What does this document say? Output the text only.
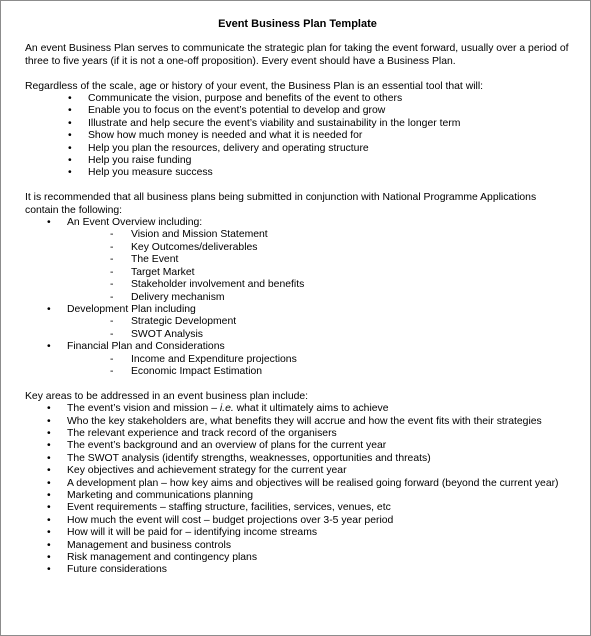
Event Business Plan Template

An event Business Plan serves to communicate the strategic plan for taking the event forward, usually over a period of three to five years (if it is not a one-off proposition). Every event should have a Business Plan.

Regardless of the scale, age or history of your event, the Business Plan is an essential tool that will:

• Communicate the vision, purpose and benefits of the event to others
• Enable you to focus on the event’s potential to develop and grow
• Illustrate and help secure the event’s viability and sustainability in the longer term
• Show how much money is needed and what it is needed for
• Help you plan the resources, delivery and operating structure
• Help you raise funding
• Help you measure success

It is recommended that all business plans being submitted in conjunction with National Programme Applications contain the following:

• An Event Overview including:
- Vision and Mission Statement
- Key Outcomes/deliverables
- The Event
- Target Market
- Stakeholder involvement and benefits
- Delivery mechanism
• Development Plan including
- Strategic Development
- SWOT Analysis
• Financial Plan and Considerations
- Income and Expenditure projections
- Economic Impact Estimation

Key areas to be addressed in an event business plan include:

• The event’s vision and mission – i.e. what it ultimately aims to achieve
• Who the key stakeholders are, what benefits they will accrue and how the event fits with their strategies
• The relevant experience and track record of the organisers
• The event’s background and an overview of plans for the current year
• The SWOT analysis (identify strengths, weaknesses, opportunities and threats)
• Key objectives and achievement strategy for the current year
• A development plan – how key aims and objectives will be realised going forward (beyond the current year)
• Marketing and communications planning
• Event requirements – staffing structure, facilities, services, venues, etc
• How much the event will cost – budget projections over 3-5 year period
• How will it will be paid for – identifying income streams
• Management and business controls
• Risk management and contingency plans
• Future considerations
